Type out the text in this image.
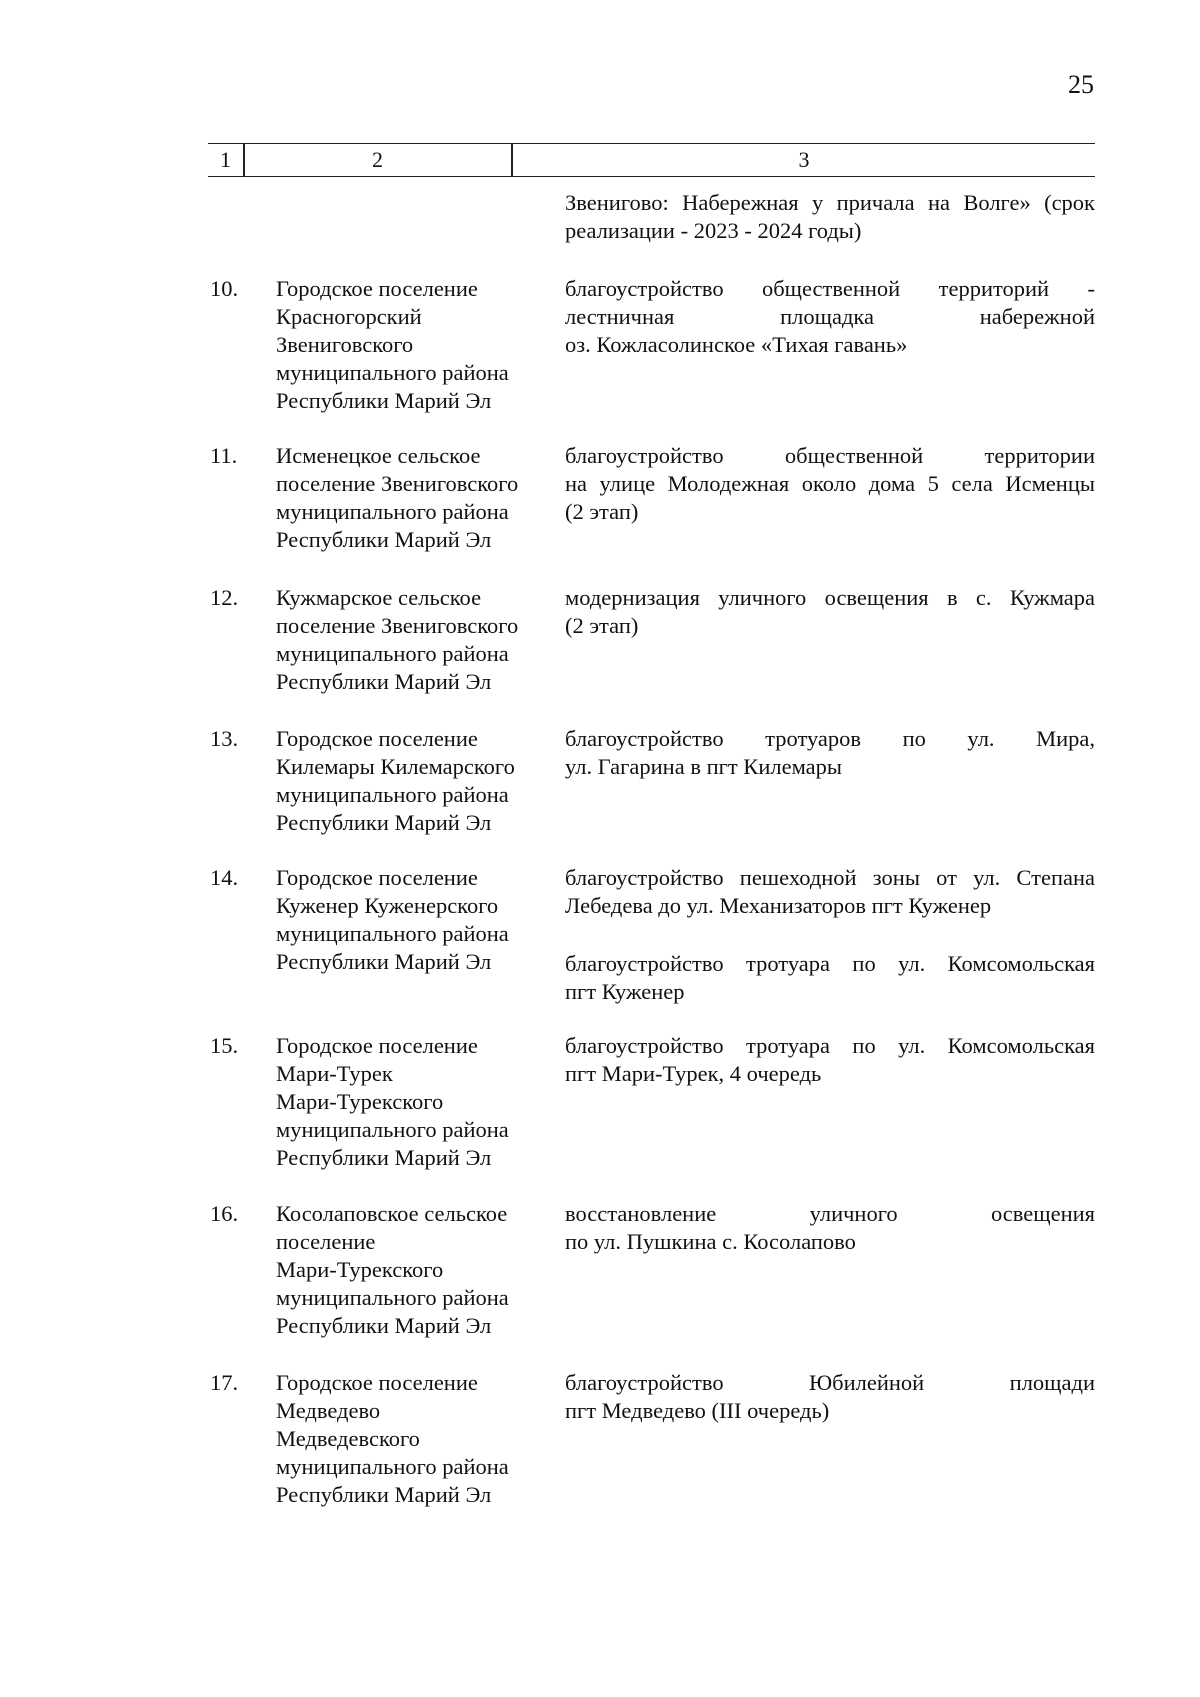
25
1	2	3
Звенигово: Набережная у причала на Волге» (срок
реализации - 2023 - 2024 годы)
10. Городское поселение
Красногорский
Звениговского
муниципального района
Республики Марий Эл
благоустройство общественной территорий -
лестничная площадка набережной
оз. Кожласолинское «Тихая гавань»
11. Исменецкое сельское
поселение Звениговского
муниципального района
Республики Марий Эл
благоустройство общественной территории
на улице Молодежная около дома 5 села Исменцы
(2 этап)
12. Кужмарское сельское
поселение Звениговского
муниципального района
Республики Марий Эл
модернизация уличного освещения в с. Кужмара
(2 этап)
13. Городское поселение
Килемары Килемарского
муниципального района
Республики Марий Эл
благоустройство тротуаров по ул. Мира,
ул. Гагарина в пгт Килемары
14. Городское поселение
Куженер Куженерского
муниципального района
Республики Марий Эл
благоустройство пешеходной зоны от ул. Степана
Лебедева до ул. Механизаторов пгт Куженер
благоустройство тротуара по ул. Комсомольская
пгт Куженер
15. Городское поселение
Мари-Турек
Мари-Турекского
муниципального района
Республики Марий Эл
благоустройство тротуара по ул. Комсомольская
пгт Мари-Турек, 4 очередь
16. Косолаповское сельское
поселение
Мари-Турекского
муниципального района
Республики Марий Эл
восстановление уличного освещения
по ул. Пушкина с. Косолапово
17. Городское поселение
Медведево
Медведевского
муниципального района
Республики Марий Эл
благоустройство Юбилейной площади
пгт Медведево (III очередь)
